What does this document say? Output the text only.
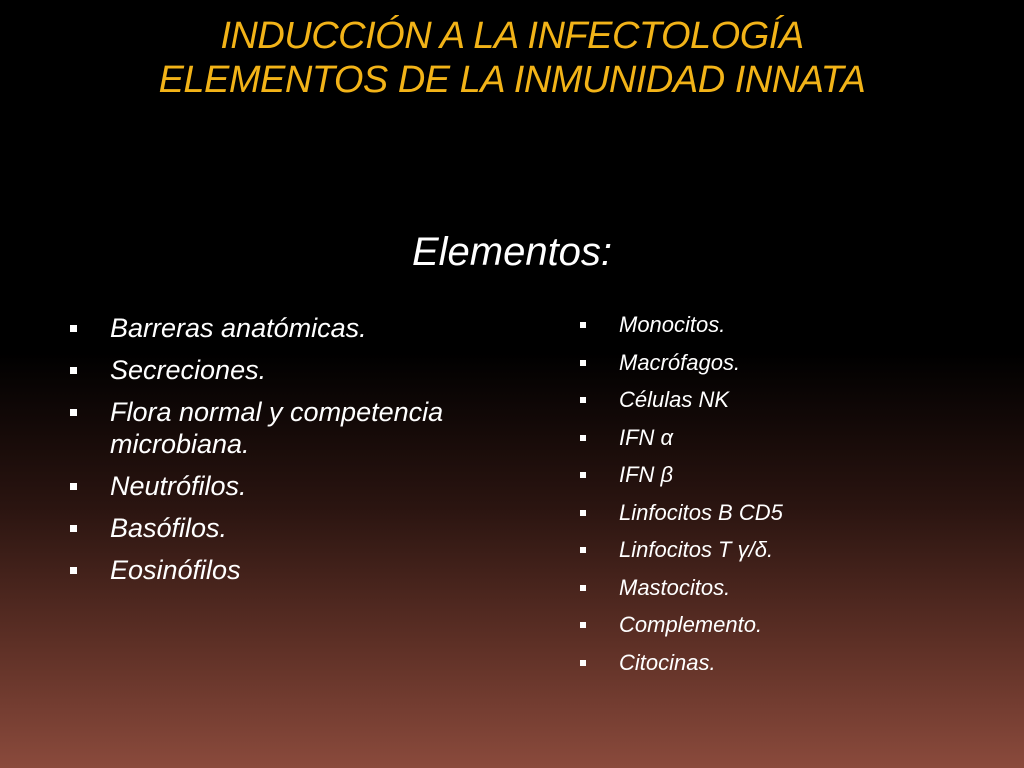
INDUCCIÓN A LA INFECTOLOGÍA
ELEMENTOS DE LA INMUNIDAD INNATA
Elementos:
Barreras anatómicas.
Secreciones.
Flora normal y competencia microbiana.
Neutrófilos.
Basófilos.
Eosinófilos
Monocitos.
Macrófagos.
Células NK
IFN α
IFN β
Linfocitos B CD5
Linfocitos T γ/δ.
Mastocitos.
Complemento.
Citocinas.
